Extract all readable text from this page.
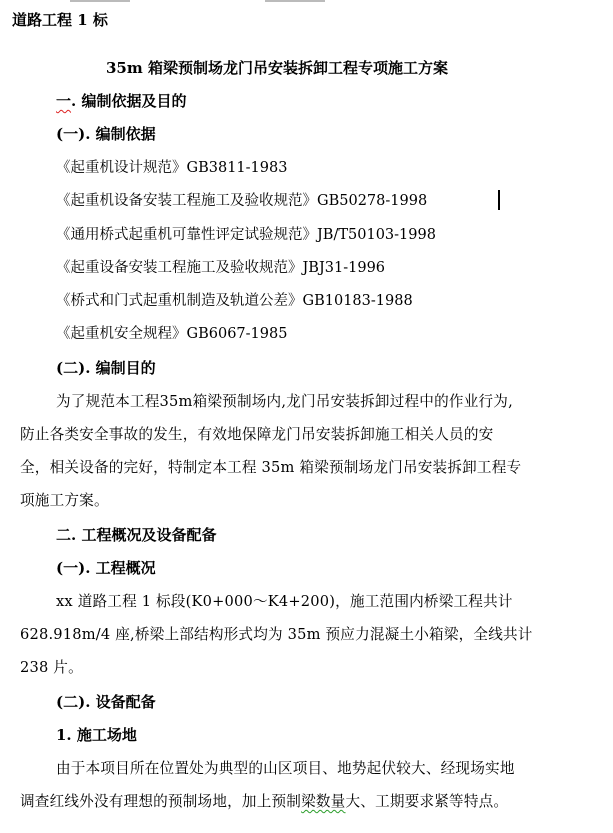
道路工程 1 标
35m 箱梁预制场龙门吊安装拆卸工程专项施工方案
一. 编制依据及目的
(一). 编制依据
《起重机设计规范》GB3811-1983
《起重机设备安装工程施工及验收规范》GB50278-1998
《通用桥式起重机可靠性评定试验规范》JB/T50103-1998
《起重设备安装工程施工及验收规范》JBJ31-1996
《桥式和门式起重机制造及轨道公差》GB10183-1988
《起重机安全规程》GB6067-1985
(二). 编制目的
为了规范本工程35m箱梁预制场内,龙门吊安装拆卸过程中的作业行为,
防止各类安全事故的发生，有效地保障龙门吊安装拆卸施工相关人员的安
全，相关设备的完好，特制定本工程 35m 箱梁预制场龙门吊安装拆卸工程专
项施工方案。
二. 工程概况及设备配备
(一). 工程概况
xx 道路工程 1 标段(K0+000～K4+200)，施工范围内桥梁工程共计
628.918m/4 座,桥梁上部结构形式均为 35m 预应力混凝土小箱梁，全线共计
238 片。
(二). 设备配备
1. 施工场地
由于本项目所在位置处为典型的山区项目、地势起伏较大、经现场实地
调查红线外没有理想的预制场地，加上预制梁数量大、工期要求紧等特点。
